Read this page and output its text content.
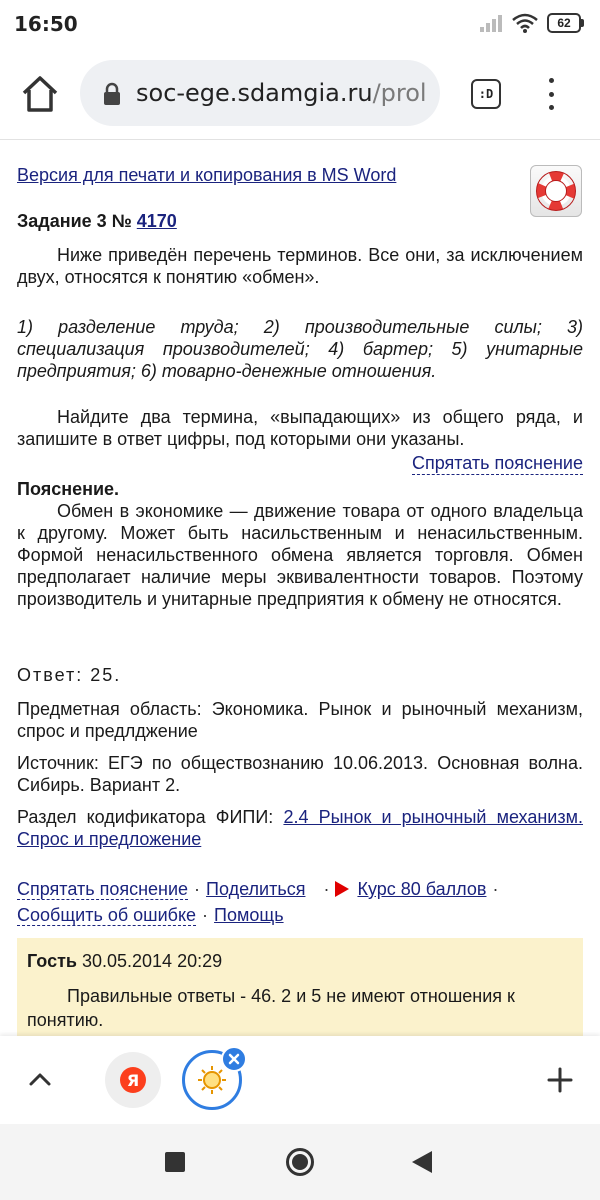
16:50	62
soc-ege.sdamgia.ru/prol	:D
Версия для печати и копирования в MS Word
Задание 3 № 4170
Ниже приведён перечень терминов. Все они, за исключением двух, относятся к понятию «обмен».
1) разделение труда; 2) производительные силы; 3) специализация производителей; 4) бартер; 5) унитарные предприятия; 6) товарно-денежные отношения.
Найдите два термина, «выпадающих» из общего ряда, и запишите в ответ цифры, под которыми они указаны.
Спрятать пояснение
Пояснение.
Обмен в экономике — движение товара от одного владельца к другому. Может быть насильственным и ненасильственным. Формой ненасильственного обмена является торговля. Обмен предполагает наличие меры эквивалентности товаров. Поэтому производитель и унитарные предприятия к обмену не относятся.
Ответ: 25.
Предметная область: Экономика. Рынок и рыночный механизм, спрос и предлджение
Источник: ЕГЭ по обществознанию 10.06.2013. Основная волна. Сибирь. Вариант 2.
Раздел кодификатора ФИПИ: 2.4 Рынок и рыночный механизм. Спрос и предложение
Спрятать пояснение · Поделиться · Курс 80 баллов ·
Сообщить об ошибке · Помощь
Гость 30.05.2014 20:29
Правильные ответы - 46. 2 и 5 не имеют отношения к понятию.
Я
